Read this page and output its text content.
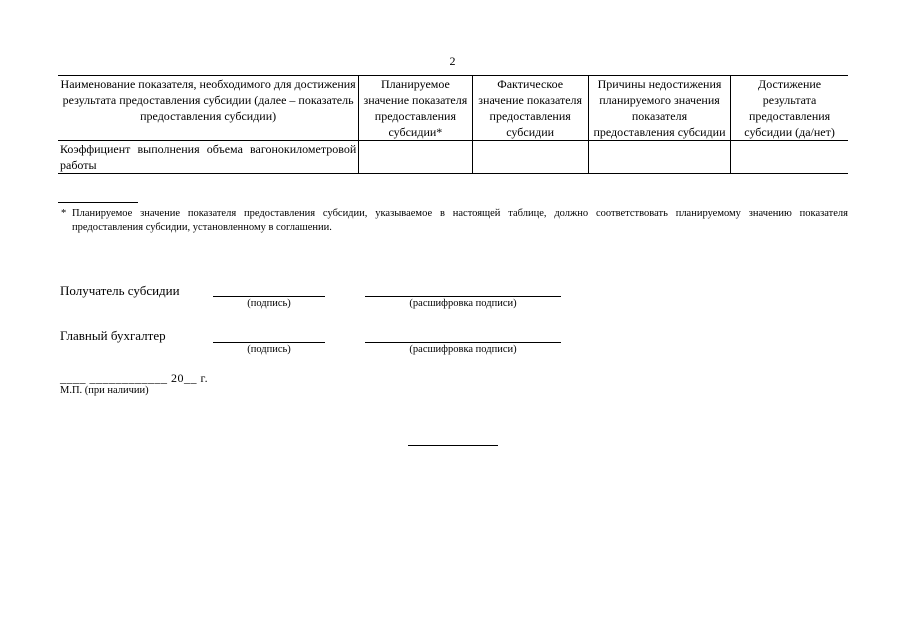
2
Наименование показателя, необходимого для достижения результата предоставления субсидии (далее – показатель предоставления субсидии)	Планируемое значение показателя предоставления субсидии*	Фактическое значение показателя предоставления субсидии	Причины недостижения планируемого значения показателя предоставления субсидии	Достижение результата предоставления субсидии (да/нет)
Коэффициент выполнения объема вагонокилометровой работы				
* Планируемое значение показателя предоставления субсидии, указываемое в настоящей таблице, должно соответствовать планируемому значению показателя предоставления субсидии, установленному в соглашении.
Получатель субсидии
(подпись)	(расшифровка подписи)
Главный бухгалтер
(подпись)	(расшифровка подписи)
____ ____________ 20__ г.
М.П. (при наличии)
